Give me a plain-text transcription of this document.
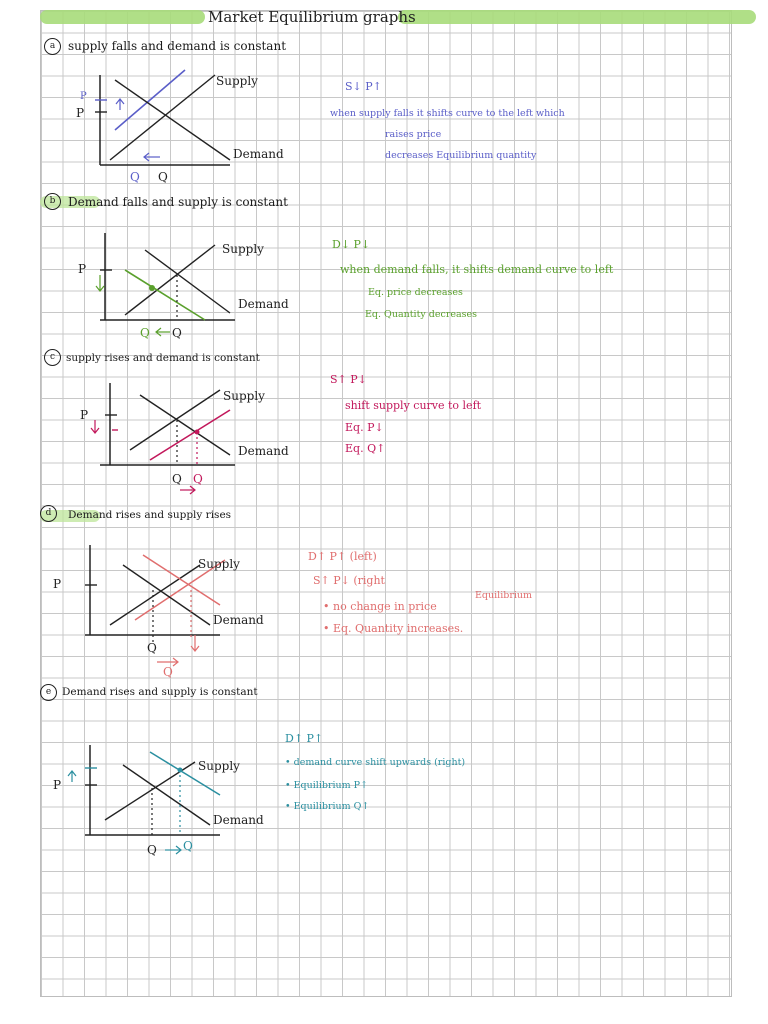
Market Equilibrium graphs
a	supply falls and demand is constant
Supply
Demand
P
P
Q
Q
S↓ P↑
when supply falls it shifts curve to the left which
raises price
decreases Equilibrium quantity
b	Demand falls and supply is constant
Supply
Demand
P
Q
Q
D↓ P↓
when demand falls, it shifts demand curve to left
Eq. price decreases
Eq. Quantity decreases
c	supply rises and demand is constant
Supply
Demand
P
Q Q
S↑ P↓
shift supply curve to left
Eq. P↓
Eq. Q↑
d	Demand rises and supply rises
Supply
Demand
P
Q
Q
D↑ P↑ (left)
S↑ P↓ (right
Equilibrium
• no change in price
• Eq. Quantity increases.
e	Demand rises and supply is constant
Supply
Demand
P
Q Q
D↑ P↑
• demand curve shift upwards (right)
• Equilibrium P↑
• Equilibrium Q↑
